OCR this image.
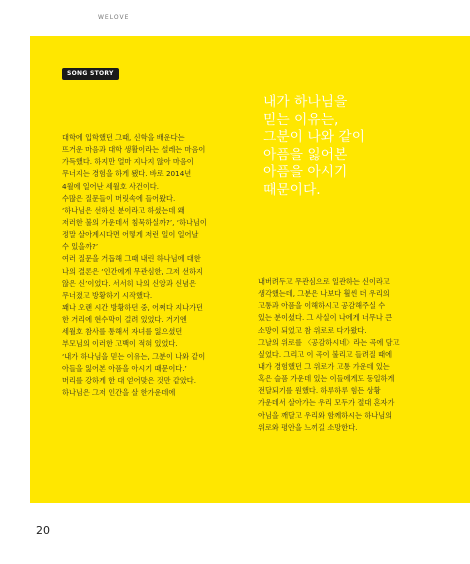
WELOVE
SONG STORY
내가 하나님을
믿는 이유는,
그분이 나와 같이
아픔을 잃어본
아픔을 아시기
때문이다.
대학에 입학했던 그때, 신학을 배운다는
뜨거운 마음과 대학 생활이라는 설레는 마음이
가득했다. 하지만 얼마 지나지 않아 마음이
무너지는 경험을 하게 됐다. 바로 2014년
4월에 일어난 세월호 사건이다.
수많은 질문들이 머릿속에 들어왔다.
‘하나님은 선하신 분이라고 하셨는데 왜
저러한 불의 가운데서 침묵하실까?’, ‘하나님이
정말 살아계시다면 어떻게 저런 일이 일어날
수 있을까?’
여러 질문을 거듭해 그때 내린 하나님에 대한
나의 결론은 ‘인간에게 무관심한, 그저 선하지
않은 신’이었다. 서서히 나의 신앙과 신념은
무너졌고 방황하기 시작했다.
꽤나 오랜 시간 방황하던 중, 어쩌다 지나가던
한 거리에 현수막이 걸려 있었다. 거기엔
세월호 참사를 통해서 자녀를 잃으셨던
부모님의 이러한 고백이 적혀 있었다.
‘내가 하나님을 믿는 이유는, 그분이 나와 같이
아들을 잃어본 아픔을 아시기 때문이다.’
머리를 강하게 한 대 얻어맞은 것만 같았다.
하나님은 그저 인간을 살 한가운데에
내버려두고 무관심으로 일관하는 신이라고
생각했는데, 그분은 나보다 훨씬 더 우리의
고통과 아픔을 이해하시고 공감해주실 수
있는 분이셨다. 그 사실이 나에게 너무나 큰
소망이 되었고 참 위로로 다가왔다.
그날의 위로를 〈공감하시네〉라는 곡에 담고
싶었다. 그리고 이 곡이 불리고 들려질 때에
내가 경험했던 그 위로가 고통 가운데 있는
혹은 슬픔 가운데 있는 이들에게도 동일하게
전달되기를 원했다. 하루하루 힘든 상황
가운데서 살아가는 우리 모두가 절대 혼자가
아님을 깨달고 우리와 함께하시는 하나님의
위로와 평안을 느끼길 소망한다.
20
